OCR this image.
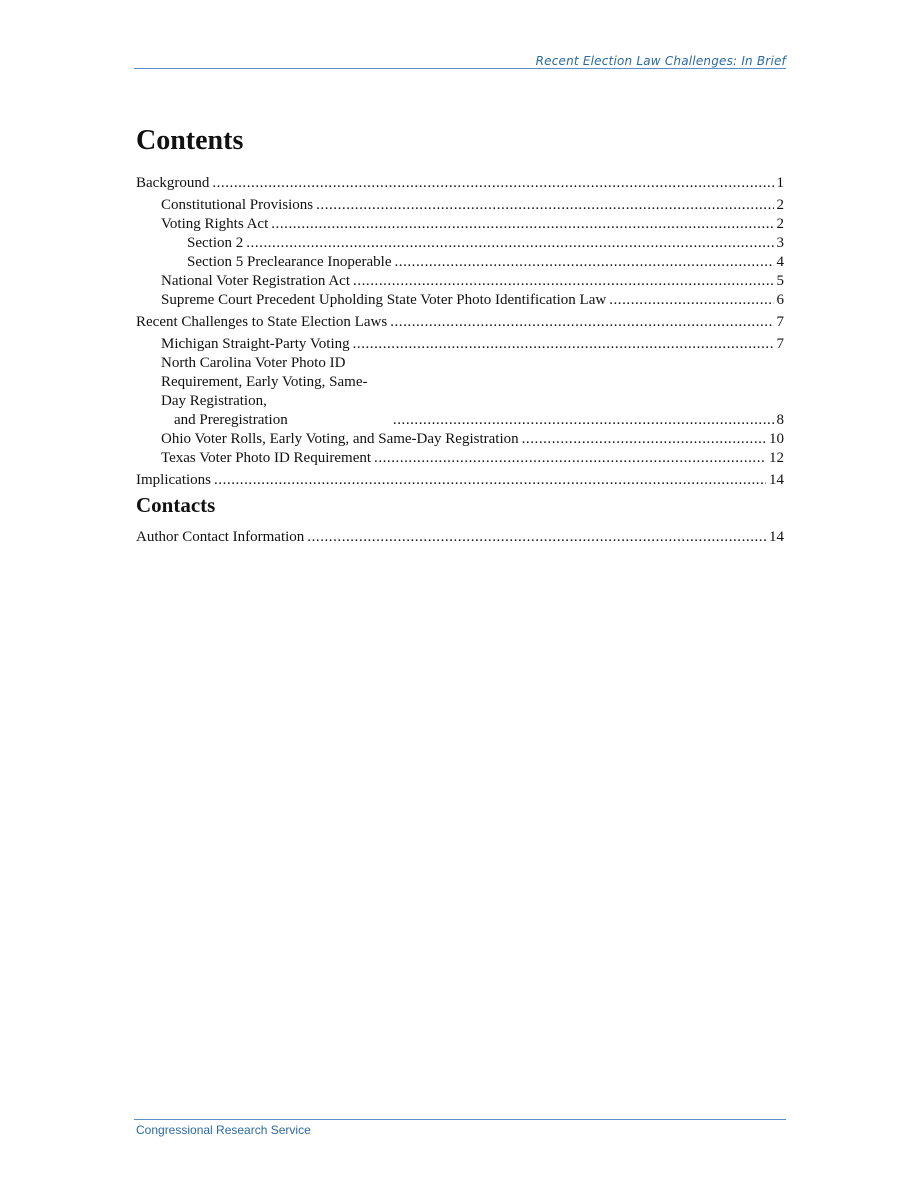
Recent Election Law Challenges: In Brief
Contents
Background . . .	1
Constitutional Provisions . . .	2
Voting Rights Act . . .	2
Section 2 . . .	3
Section 5 Preclearance Inoperable . . .	4
National Voter Registration Act . . .	5
Supreme Court Precedent Upholding State Voter Photo Identification Law . . .	6
Recent Challenges to State Election Laws . . .	7
Michigan Straight-Party Voting . . .	7
North Carolina Voter Photo ID Requirement, Early Voting, Same-Day Registration,
and Preregistration . . .	8
Ohio Voter Rolls, Early Voting, and Same-Day Registration . . .	10
Texas Voter Photo ID Requirement . . .	12
Implications . . .	14
Contacts
Author Contact Information . . .	14
Congressional Research Service
